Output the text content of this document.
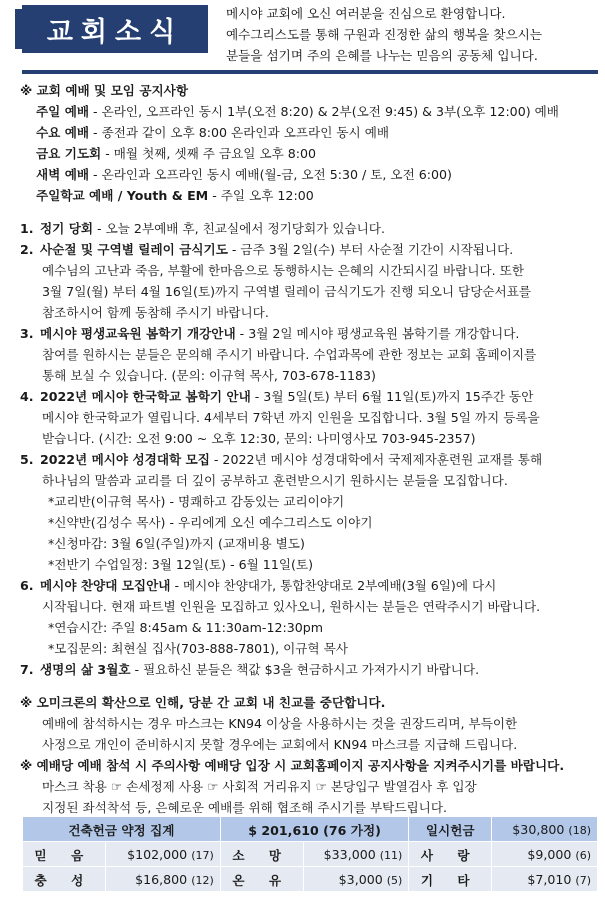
교회소식
메시야 교회에 오신 여러분을 진심으로 환영합니다.
예수그리스도를 통해 구원과 진정한 삶의 행복을 찾으시는
분들을 섬기며 주의 은혜를 나누는 믿음의 공동체 입니다.
※ 교회 예배 및 모임 공지사항
주일 예배 - 온라인, 오프라인 동시 1부(오전 8:20) & 2부(오전 9:45) & 3부(오후 12:00) 예배
수요 예배 - 종전과 같이 오후 8:00 온라인과 오프라인 동시 예배
금요 기도회 - 매월 첫째, 셋째 주 금요일 오후 8:00
새벽 예배 - 온라인과 오프라인 동시 예배(월-금, 오전 5:30 / 토, 오전 6:00)
주일학교 예배 / Youth & EM - 주일 오후 12:00
1. 정기 당회 - 오늘 2부예배 후, 친교실에서 정기당회가 있습니다.
2. 사순절 및 구역별 릴레이 금식기도 - 금주 3월 2일(수) 부터 사순절 기간이 시작됩니다.
예수님의 고난과 죽음, 부활에 한마음으로 동행하시는 은혜의 시간되시길 바랍니다. 또한
3월 7일(월) 부터 4월 16일(토)까지 구역별 릴레이 금식기도가 진행 되오니 담당순서표를
참조하시어 함께 동참해 주시기 바랍니다.
3. 메시야 평생교육원 봄학기 개강안내 - 3월 2일 메시야 평생교육원 봄학기를 개강합니다.
참여를 원하시는 분들은 문의해 주시기 바랍니다. 수업과목에 관한 정보는 교회 홈페이지를
통해 보실 수 있습니다. (문의: 이규혁 목사, 703-678-1183)
4. 2022년 메시야 한국학교 봄학기 안내 - 3월 5일(토) 부터 6월 11일(토)까지 15주간 동안
메시야 한국학교가 열립니다. 4세부터 7학년 까지 인원을 모집합니다. 3월 5일 까지 등록을
받습니다. (시간: 오전 9:00 ~ 오후 12:30, 문의: 나미영사모 703-945-2357)
5. 2022년 메시야 성경대학 모집 - 2022년 메시야 성경대학에서 국제제자훈련원 교재를 통해
하나님의 말씀과 교리를 더 깊이 공부하고 훈련받으시기 원하시는 분들을 모집합니다.
*교리반(이규혁 목사) - 명쾌하고 감동있는 교리이야기
*신약반(김성수 목사) - 우리에게 오신 예수그리스도 이야기
*신청마감: 3월 6일(주일)까지 (교재비용 별도)
*전반기 수업일정: 3월 12일(토) - 6월 11일(토)
6. 메시야 찬양대 모집안내 - 메시야 찬양대가, 통합찬양대로 2부예배(3월 6일)에 다시
시작됩니다. 현재 파트별 인원을 모집하고 있사오니, 원하시는 분들은 연락주시기 바랍니다.
*연습시간: 주일 8:45am & 11:30am-12:30pm
*모집문의: 최현실 집사(703-888-7801), 이규혁 목사
7. 생명의 삶 3월호 - 필요하신 분들은 책값 $3을 현금하시고 가져가시기 바랍니다.
※ 오미크론의 확산으로 인해, 당분 간 교회 내 친교를 중단합니다.
예배에 참석하시는 경우 마스크는 KN94 이상을 사용하시는 것을 권장드리며, 부득이한
사정으로 개인이 준비하시지 못할 경우에는 교회에서 KN94 마스크를 지급해 드립니다.
※ 예배당 예배 참석 시 주의사항 예배당 입장 시 교회홈페이지 공지사항을 지켜주시기를 바랍니다.
마스크 착용 ☞ 손세정제 사용 ☞ 사회적 거리유지 ☞ 본당입구 발열검사 후 입장
지정된 좌석착석 등, 은혜로운 예배를 위해 협조해 주시기를 부탁드립니다.
건축헌금 약정 집계		$ 201,610 (76 가정)		일시헌금	$30,800 (18)
믿 음	$102,000 (17)	소 망	$33,000 (11)	사 랑	$9,000 (6)
충 성	$16,800 (12)	온 유	$3,000 (5)	기 타	$7,010 (7)
